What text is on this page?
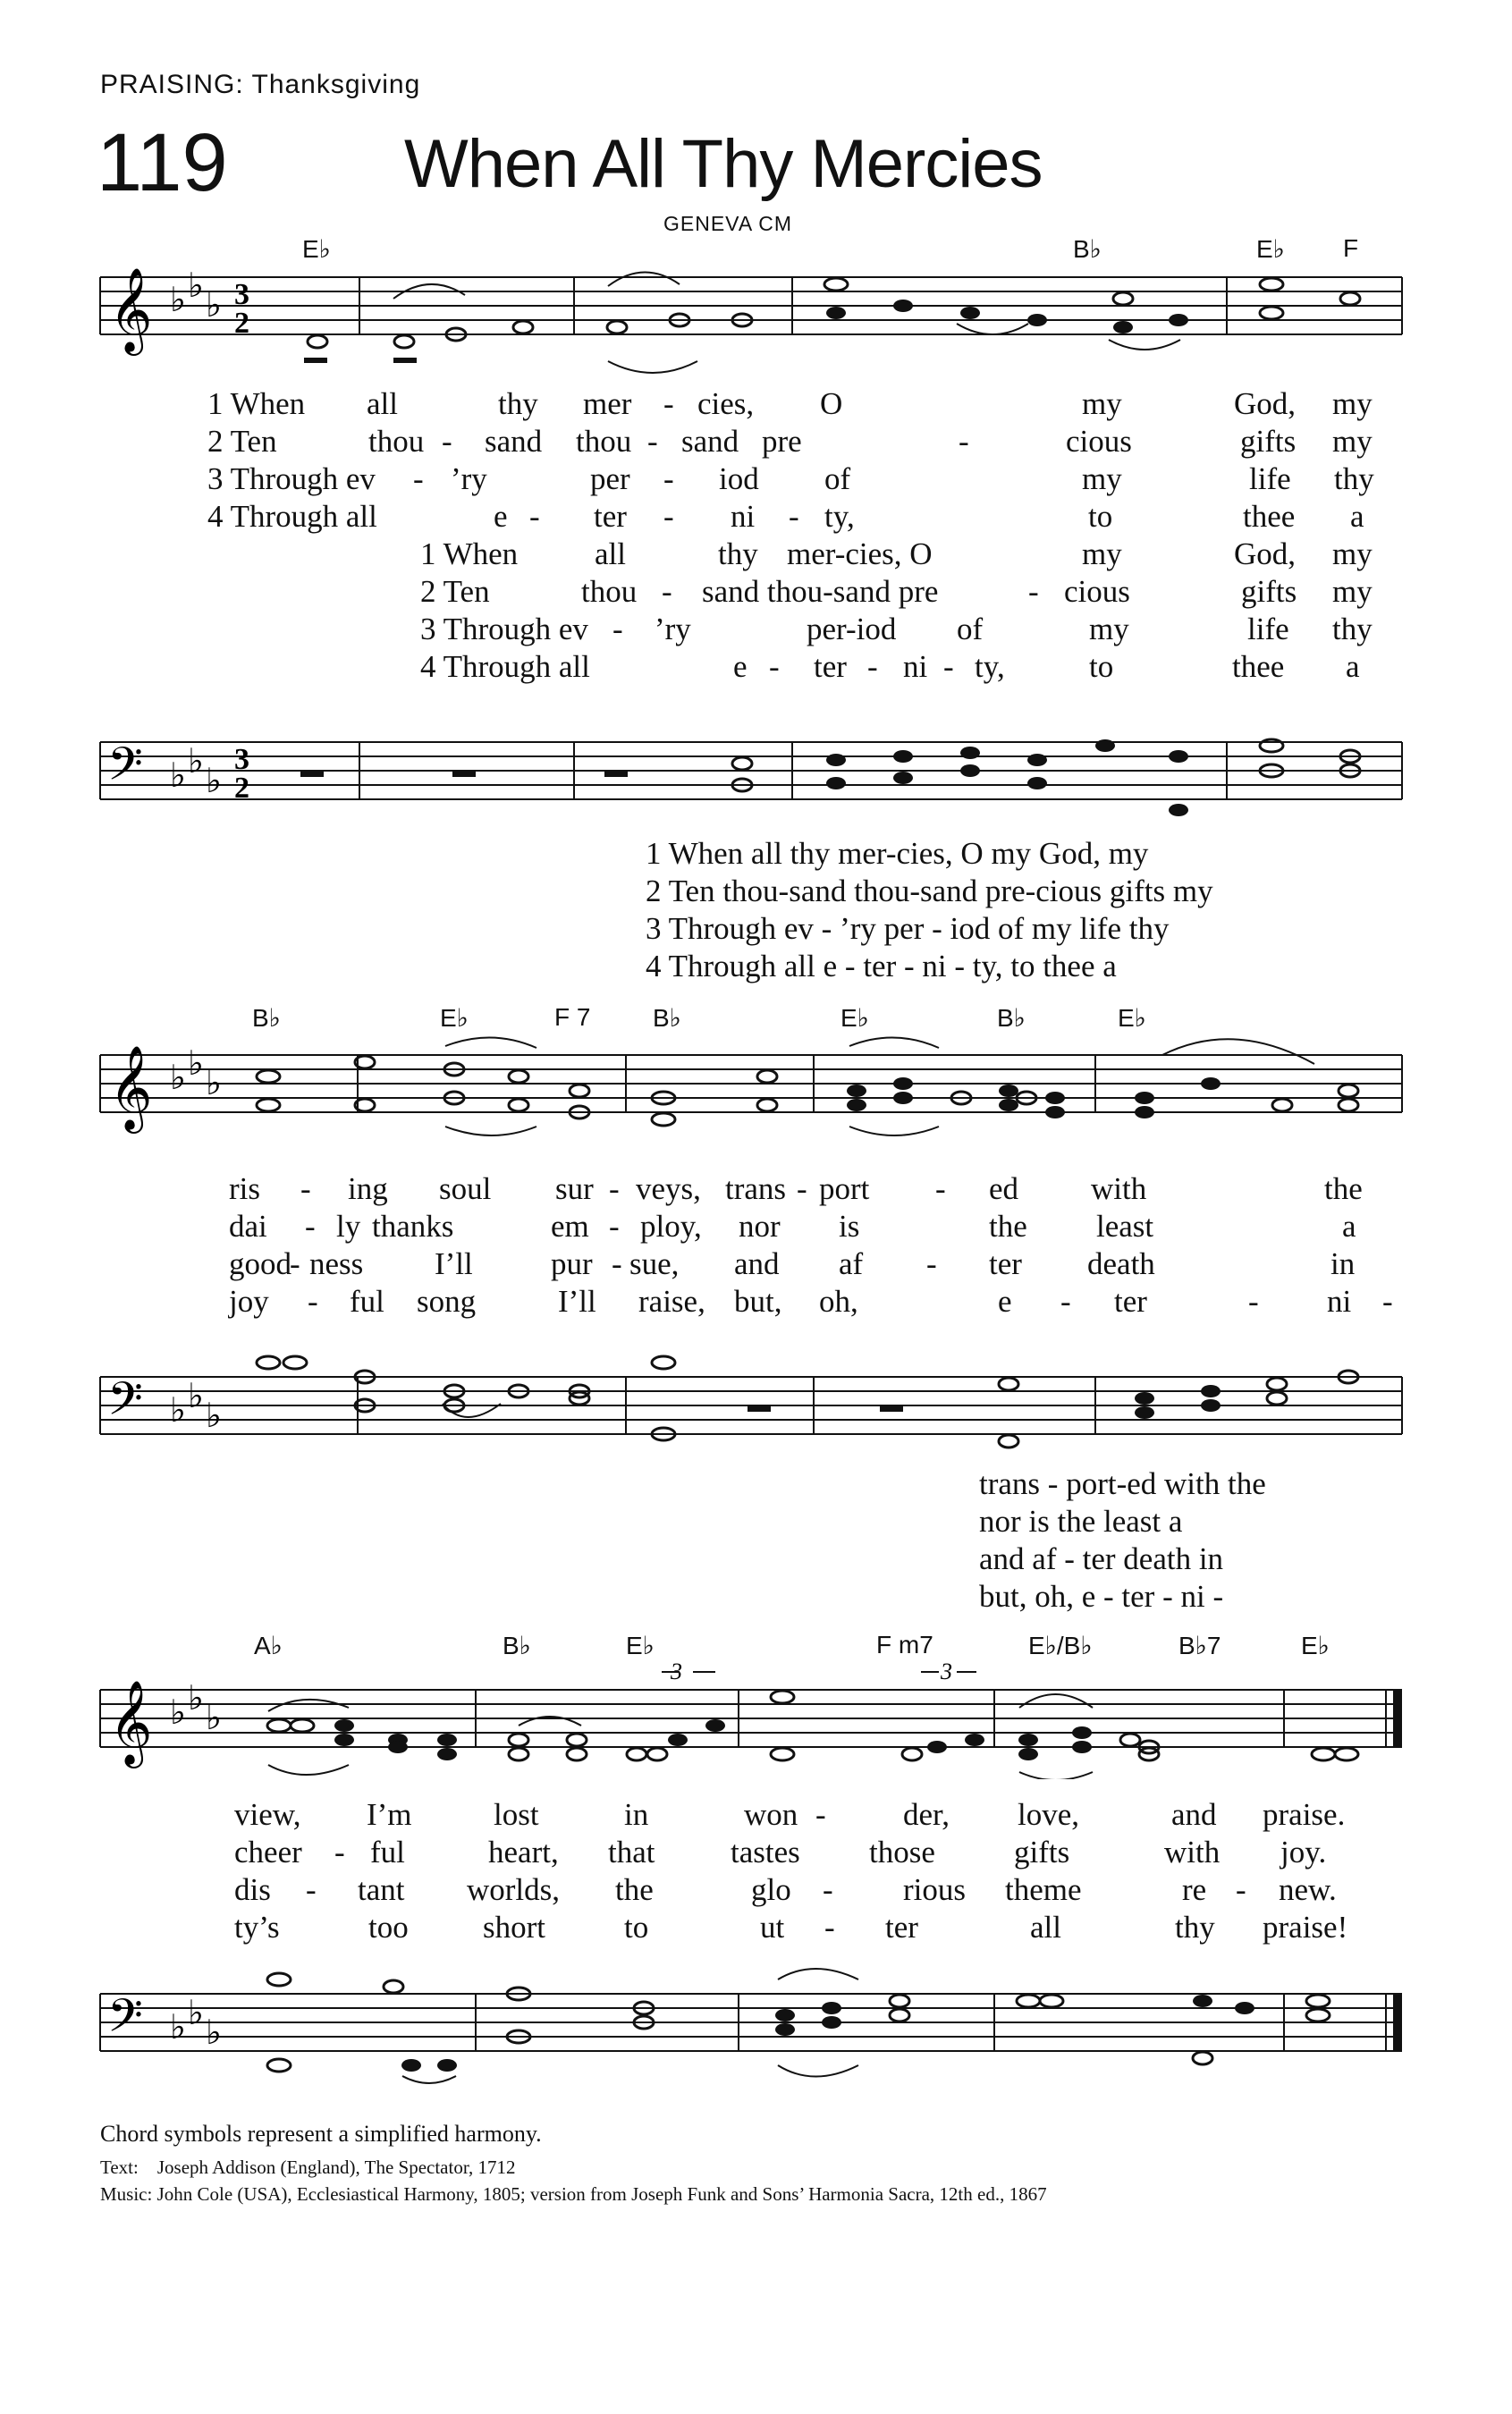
PRAISING: Thanksgiving
119	When All Thy Mercies
GENEVA CM
E♭	B♭	E♭ F
𝄞 ♭ ♭ ♭ 3
2
1 When all	thy mer - cies, O	my	God, my
2 Ten	thou - sand thou - sand pre	-	cious	gifts my
3 Through ev - ’ry	per - iod of	my	life thy
4 Through all	e - ter - ni - ty,	to	thee a
1 When all	thy mer-cies, O	my	God, my
2 Ten	thou - sand thou-sand pre	- cious	gifts my
3 Through ev - ’ry	per-iod of	my	life thy
4 Through all	e - ter - ni - ty,	to	thee a
𝄢 ♭ ♭ ♭
3
2
1 When all thy mer-cies, O my God, my
2 Ten thou-sand thou-sand pre-cious gifts my
3 Through ev - ’ry per - iod of my life thy
4 Through all e - ter - ni - ty, to thee a
B♭	E♭	F 7 B♭	E♭	B♭	E♭
𝄞 ♭ ♭ ♭
ris - ing soul sur - veys, trans - port - ed with	the
dai - ly thanks	em - ploy, nor is	the least	a
good
- ness I’ll pur - sue, and af - ter death	in
joy - ful song	I’ll raise, but, oh,	e - ter	- ni -
𝄢 ♭ ♭ ♭
trans - port-ed with the
nor is the least a
and af - ter death in
but, oh, e - ter - ni -
A♭	B♭	E♭	F m7	E♭/B♭	B♭7	E♭
𝄞 ♭ ♭ ♭
3	3
view, I’m	lost	in	won - der, love,	and praise.
cheer - ful	heart, that tastes those	gifts	with joy.
dis - tant worlds, the	glo - rious theme	re - new.
ty’s	too short	to	ut - ter	all	thy praise!
𝄢 ♭ ♭ ♭
Chord symbols represent a simplified harmony.
Text: Joseph Addison (England), The Spectator, 1712
Music: John Cole (USA), Ecclesiastical Harmony, 1805; version from Joseph Funk and Sons’ Harmonia Sacra, 12th ed., 1867
